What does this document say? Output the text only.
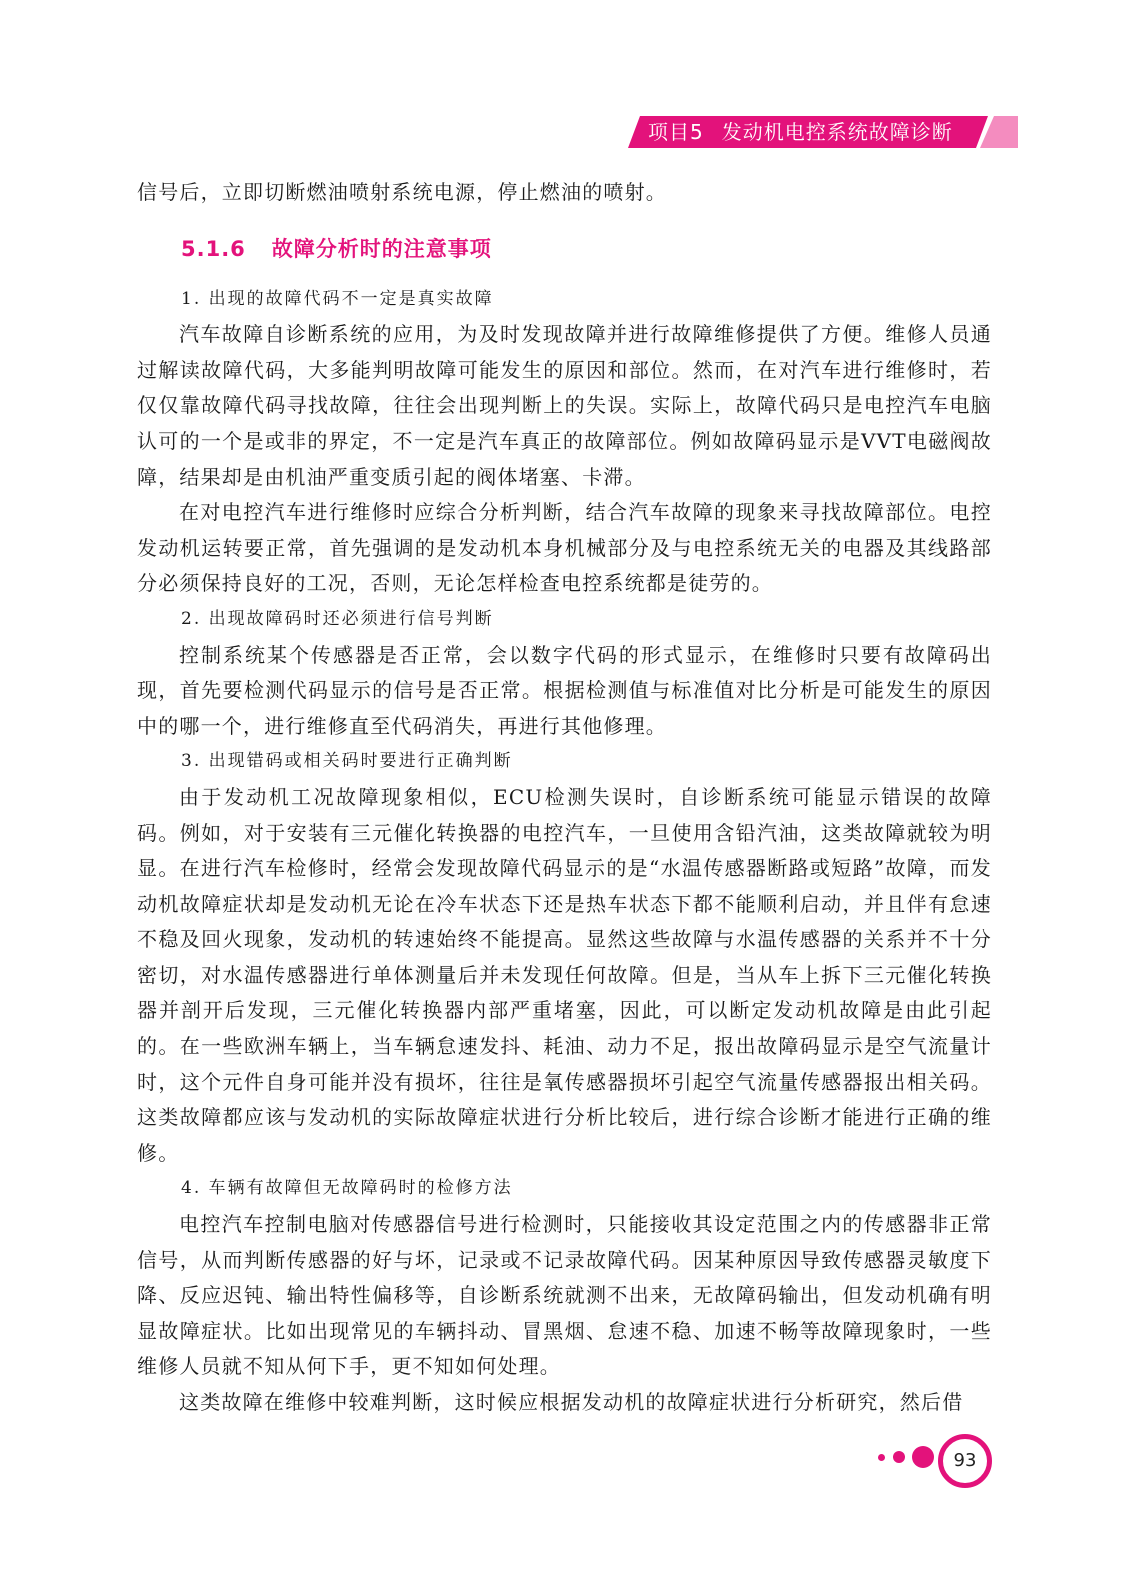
项目5 发动机电控系统故障诊断

信号后，立即切断燃油喷射系统电源，停止燃油的喷射。

5.1.6 故障分析时的注意事项

1. 出现的故障代码不一定是真实故障

汽车故障自诊断系统的应用，为及时发现故障并进行故障维修提供了方便。维修人员通过解读故障代码，大多能判明故障可能发生的原因和部位。然而，在对汽车进行维修时，若仅仅靠故障代码寻找故障，往往会出现判断上的失误。实际上，故障代码只是电控汽车电脑认可的一个是或非的界定，不一定是汽车真正的故障部位。例如故障码显示是VVT电磁阀故障，结果却是由机油严重变质引起的阀体堵塞、卡滞。

在对电控汽车进行维修时应综合分析判断，结合汽车故障的现象来寻找故障部位。电控发动机运转要正常，首先强调的是发动机本身机械部分及与电控系统无关的电器及其线路部分必须保持良好的工况，否则，无论怎样检查电控系统都是徒劳的。

2. 出现故障码时还必须进行信号判断

控制系统某个传感器是否正常，会以数字代码的形式显示，在维修时只要有故障码出现，首先要检测代码显示的信号是否正常。根据检测值与标准值对比分析是可能发生的原因中的哪一个，进行维修直至代码消失，再进行其他修理。

3. 出现错码或相关码时要进行正确判断

由于发动机工况故障现象相似，ECU检测失误时，自诊断系统可能显示错误的故障码。例如，对于安装有三元催化转换器的电控汽车，一旦使用含铅汽油，这类故障就较为明显。在进行汽车检修时，经常会发现故障代码显示的是“水温传感器断路或短路”故障，而发动机故障症状却是发动机无论在冷车状态下还是热车状态下都不能顺利启动，并且伴有怠速不稳及回火现象，发动机的转速始终不能提高。显然这些故障与水温传感器的关系并不十分密切，对水温传感器进行单体测量后并未发现任何故障。但是，当从车上拆下三元催化转换器并剖开后发现，三元催化转换器内部严重堵塞，因此，可以断定发动机故障是由此引起的。在一些欧洲车辆上，当车辆怠速发抖、耗油、动力不足，报出故障码显示是空气流量计时，这个元件自身可能并没有损坏，往往是氧传感器损坏引起空气流量传感器报出相关码。这类故障都应该与发动机的实际故障症状进行分析比较后，进行综合诊断才能进行正确的维修。

4. 车辆有故障但无故障码时的检修方法

电控汽车控制电脑对传感器信号进行检测时，只能接收其设定范围之内的传感器非正常信号，从而判断传感器的好与坏，记录或不记录故障代码。因某种原因导致传感器灵敏度下降、反应迟钝、输出特性偏移等，自诊断系统就测不出来，无故障码输出，但发动机确有明显故障症状。比如出现常见的车辆抖动、冒黑烟、怠速不稳、加速不畅等故障现象时，一些维修人员就不知从何下手，更不知如何处理。

这类故障在维修中较难判断，这时候应根据发动机的故障症状进行分析研究，然后借

93
